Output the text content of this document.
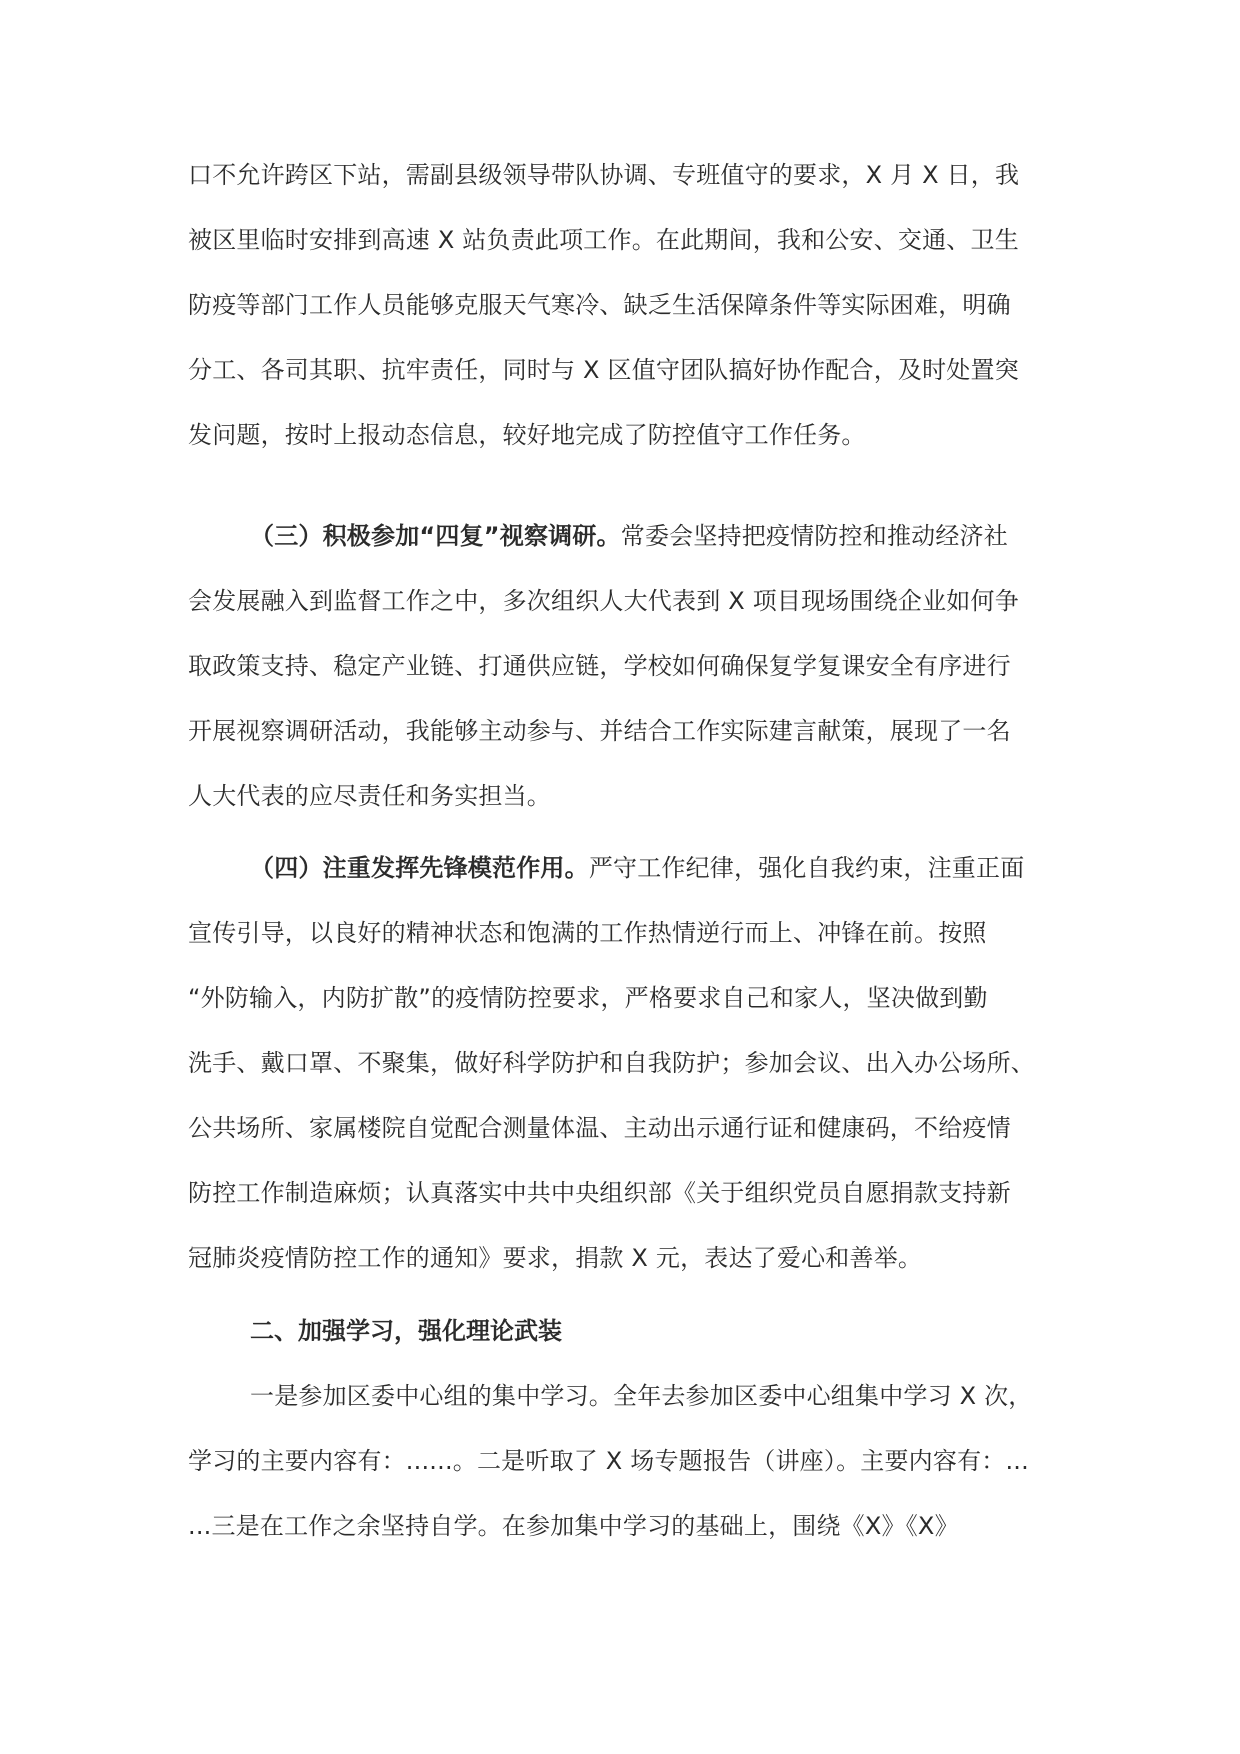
口不允许跨区下站，需副县级领导带队协调、专班值守的要求，X 月 X 日，我
被区里临时安排到高速 X 站负责此项工作。在此期间，我和公安、交通、卫生
防疫等部门工作人员能够克服天气寒冷、缺乏生活保障条件等实际困难，明确
分工、各司其职、抗牢责任，同时与 X 区值守团队搞好协作配合，及时处置突
发问题，按时上报动态信息，较好地完成了防控值守工作任务。
（三）积极参加“四复”视察调研。常委会坚持把疫情防控和推动经济社
会发展融入到监督工作之中，多次组织人大代表到 X 项目现场围绕企业如何争
取政策支持、稳定产业链、打通供应链，学校如何确保复学复课安全有序进行
开展视察调研活动，我能够主动参与、并结合工作实际建言献策，展现了一名
人大代表的应尽责任和务实担当。
（四）注重发挥先锋模范作用。严守工作纪律，强化自我约束，注重正面
宣传引导，以良好的精神状态和饱满的工作热情逆行而上、冲锋在前。按照
“外防输入，内防扩散”的疫情防控要求，严格要求自己和家人，坚决做到勤
洗手、戴口罩、不聚集，做好科学防护和自我防护；参加会议、出入办公场所、
公共场所、家属楼院自觉配合测量体温、主动出示通行证和健康码，不给疫情
防控工作制造麻烦；认真落实中共中央组织部《关于组织党员自愿捐款支持新
冠肺炎疫情防控工作的通知》要求，捐款 X 元，表达了爱心和善举。
二、加强学习，强化理论武装
一是参加区委中心组的集中学习。全年去参加区委中心组集中学习 X 次，
学习的主要内容有：......。二是听取了 X 场专题报告（讲座）。主要内容有：...
...三是在工作之余坚持自学。在参加集中学习的基础上，围绕《X》《X》
